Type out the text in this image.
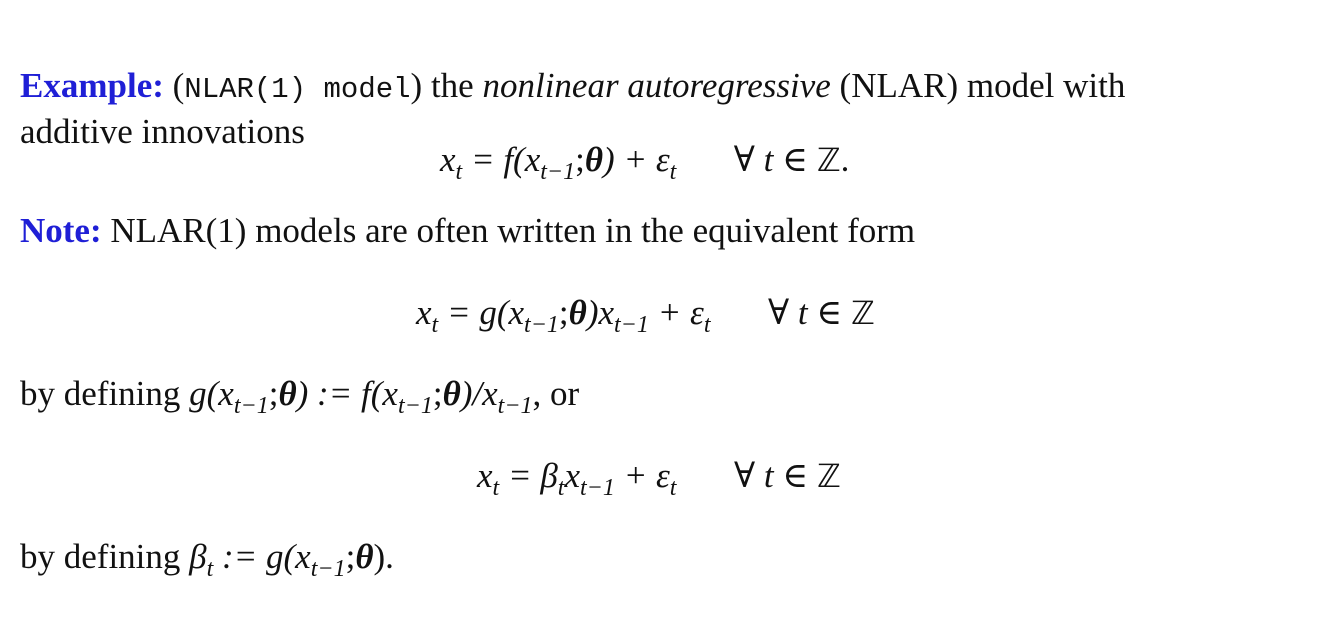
Example: (NLAR(1) model) the nonlinear autoregressive (NLAR) model with
additive innovations
$x_t$ = $f(x_{t-1};\theta) + \varepsilon_t$ ∀ t ∈ ℤ.
Note: NLAR(1) models are often written in the equivalent form
$x_t$ = $g(x_{t-1};\theta)x_{t-1} + \varepsilon_t$ ∀ t ∈ ℤ
by defining $g(x_{t-1};\theta)$ := $f(x_{t-1};\theta)/x_{t-1}$, or
$x_t = \beta_tx_{t-1} + \varepsilon_t$ ∀ t ∈ ℤ
by defining $\beta_t$ := $g(x_{t-1};\theta)$.
